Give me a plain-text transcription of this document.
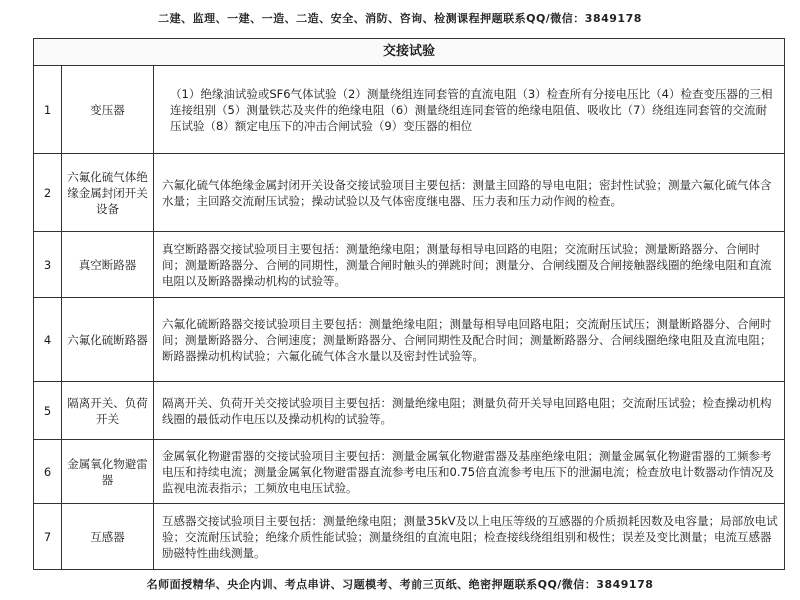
二建、监理、一建、一造、二造、安全、消防、咨询、检测课程押题联系QQ/微信：3849178
交接试验		
1	变压器	（1）绝缘油试验或SF6气体试验（2）测量绕组连同套管的直流电阻（3）检查所有分接电压比（4）检查变压器的三相连接组别（5）测量铁芯及夹件的绝缘电阻（6）测量绕组连同套管的绝缘电阻值、吸收比（7）绕组连同套管的交流耐压试验（8）额定电压下的冲击合闸试验（9）变压器的相位
2	六氟化硫气体绝缘金属封闭开关设备	六氟化硫气体绝缘金属封闭开关设备交接试验项目主要包括：测量主回路的导电电阻；密封性试验；测量六氟化硫气体含水量；主回路交流耐压试验；操动试验以及气体密度继电器、压力表和压力动作阀的检查。
3	真空断路器	真空断路器交接试验项目主要包括：测量绝缘电阻；测量每相导电回路的电阻；交流耐压试验；测量断路器分、合闸时间；测量断路器分、合闸的同期性，测量合闸时触头的弹跳时间；测量分、合闸线圈及合闸接触器线圈的绝缘电阻和直流电阻以及断路器操动机构的试验等。
4	六氟化硫断路器	六氟化硫断路器交接试验项目主要包括：测量绝缘电阻；测量每相导电回路电阻；交流耐压试压；测量断路器分、合闸时间；测量断路器分、合闸速度；测量断路器分、合闸同期性及配合时间；测量断路器分、合闸线圈绝缘电阻及直流电阻；断路器操动机构试验；六氟化硫气体含水量以及密封性试验等。
5	隔离开关、负荷开关	隔离开关、负荷开关交接试验项目主要包括：测量绝缘电阻；测量负荷开关导电回路电阻；交流耐压试验；检查操动机构线圈的最低动作电压以及操动机构的试验等。
6	金属氧化物避雷器	金属氧化物避雷器的交接试验项目主要包括：测量金属氧化物避雷器及基座绝缘电阻；测量金属氧化物避雷器的工频参考电压和持续电流；测量金属氧化物避雷器直流参考电压和0.75倍直流参考电压下的泄漏电流；检查放电计数器动作情况及监视电流表指示；工频放电电压试验。
7	互感器	互感器交接试验项目主要包括：测量绝缘电阻；测量35kV及以上电压等级的互感器的介质损耗因数及电容量；局部放电试验；交流耐压试验；绝缘介质性能试验；测量绕组的直流电阻；检查接线绕组组别和极性；误差及变比测量；电流互感器励磁特性曲线测量。
名师面授精华、央企内训、考点串讲、习题模考、考前三页纸、绝密押题联系QQ/微信：3849178
